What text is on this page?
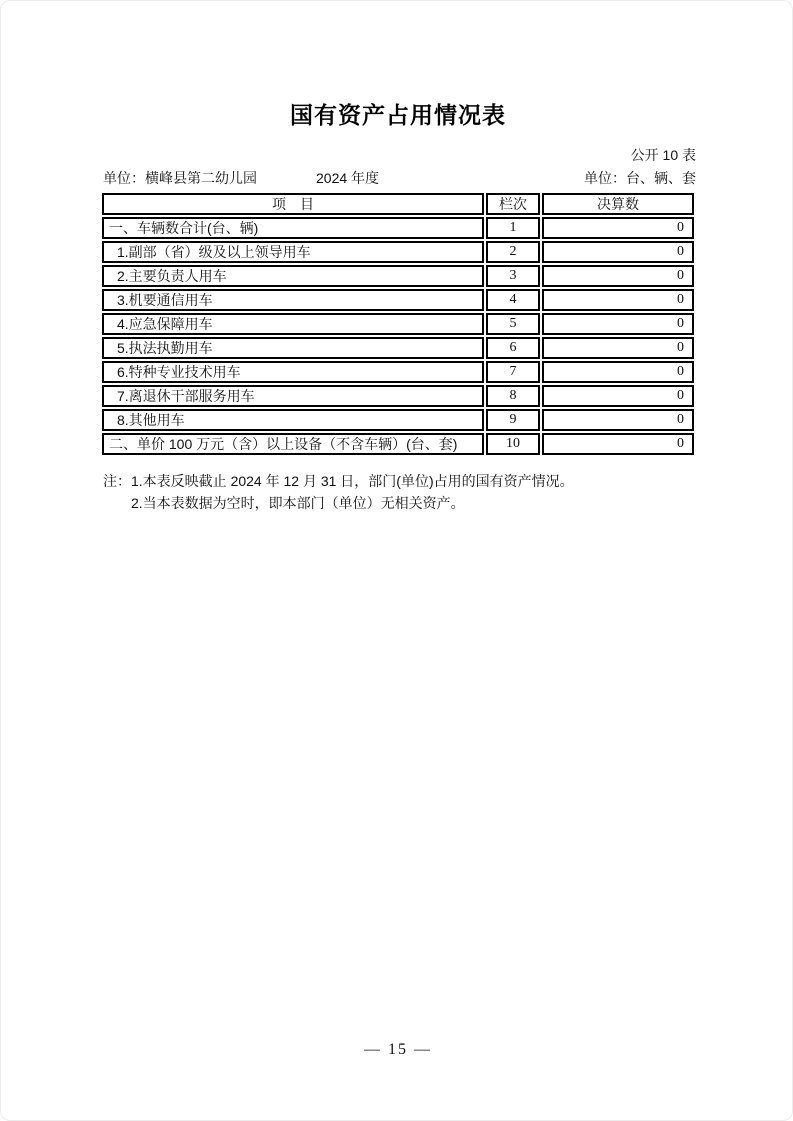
国有资产占用情况表
公开 10 表
单位：横峰县第二幼儿园	2024 年度	单位：台、辆、套
项　目	栏次	决算数
一、车辆数合计(台、辆)	1	0
1.副部（省）级及以上领导用车	2	0
2.主要负责人用车	3	0
3.机要通信用车	4	0
4.应急保障用车	5	0
5.执法执勤用车	6	0
6.特种专业技术用车	7	0
7.离退休干部服务用车	8	0
8.其他用车	9	0
二、单价 100 万元（含）以上设备（不含车辆）(台、套)	10	0
注： 1.本表反映截止 2024 年 12 月 31 日，部门(单位)占用的国有资产情况。
2.当本表数据为空时，即本部门（单位）无相关资产。
— 15 —
